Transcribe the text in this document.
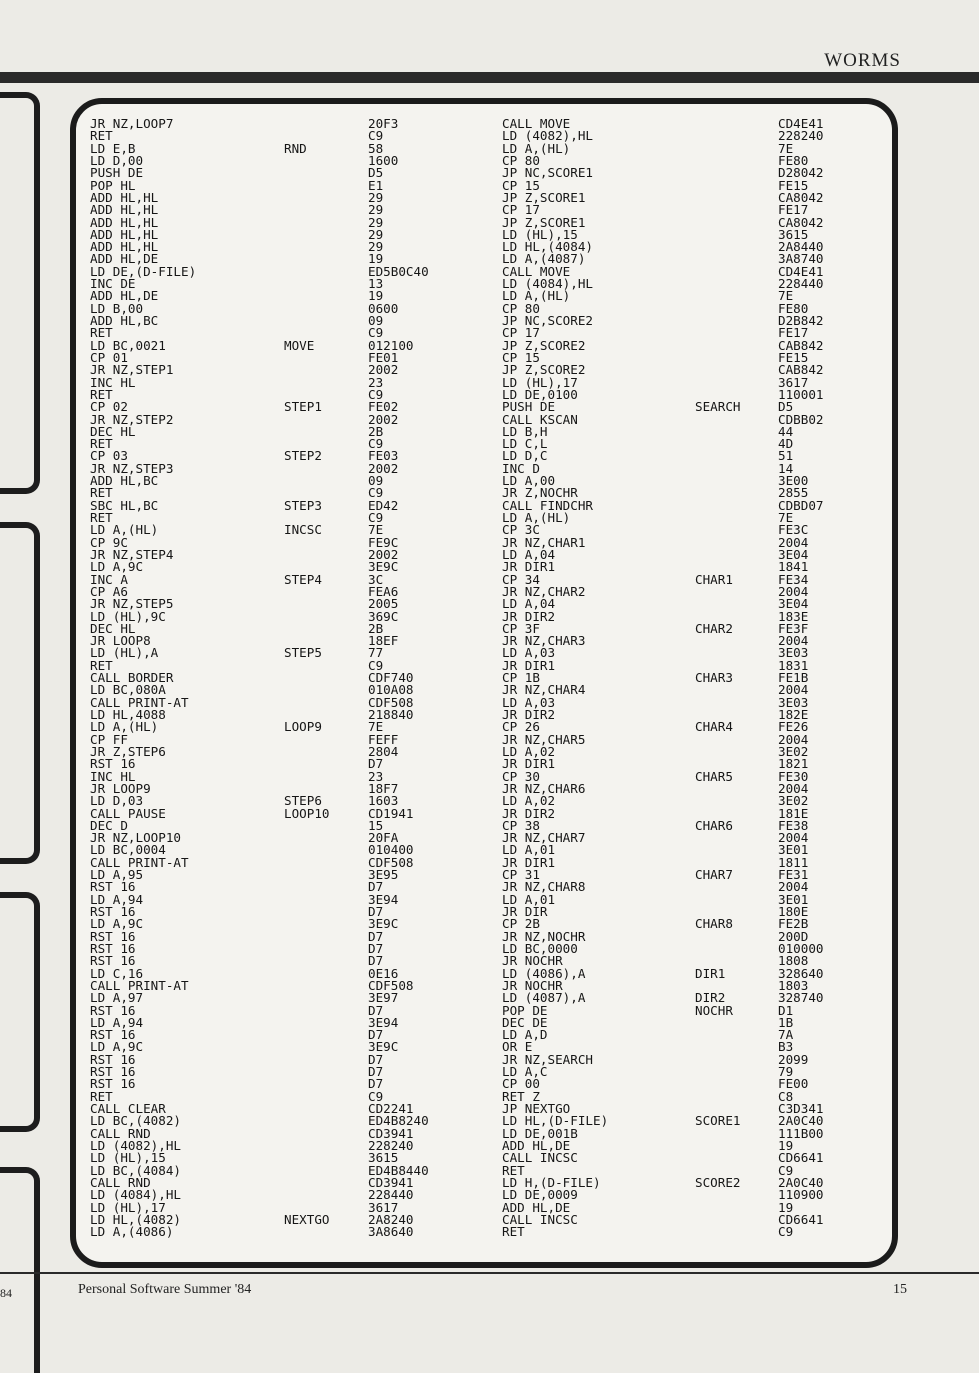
WORMS
JR NZ,LOOP7
RET
LD E,B
LD D,00
PUSH DE
POP HL
ADD HL,HL
ADD HL,HL
ADD HL,HL
ADD HL,HL
ADD HL,HL
ADD HL,DE
LD DE,(D-FILE)
INC DE
ADD HL,DE
LD B,00
ADD HL,BC
RET
LD BC,0021
CP 01
JR NZ,STEP1
INC HL
RET
CP 02
JR NZ,STEP2
DEC HL
RET
CP 03
JR NZ,STEP3
ADD HL,BC
RET
SBC HL,BC
RET
LD A,(HL)
CP 9C
JR NZ,STEP4
LD A,9C
INC A
CP A6
JR NZ,STEP5
LD (HL),9C
DEC HL
JR LOOP8
LD (HL),A
RET
CALL BORDER
LD BC,080A
CALL PRINT-AT
LD HL,4088
LD A,(HL)
CP FF
JR Z,STEP6
RST 16
INC HL
JR LOOP9
LD D,03
CALL PAUSE
DEC D
JR NZ,LOOP10
LD BC,0004
CALL PRINT-AT
LD A,95
RST 16
LD A,94
RST 16
LD A,9C
RST 16
RST 16
RST 16
LD C,16
CALL PRINT-AT
LD A,97
RST 16
LD A,94
RST 16
LD A,9C
RST 16
RST 16
RST 16
RET
CALL CLEAR
LD BC,(4082)
CALL RND
LD (4082),HL
LD (HL),15
LD BC,(4084)
CALL RND
LD (4084),HL
LD (HL),17
LD HL,(4082)
LD A,(4086)
RND
MOVE
STEP1
STEP2
STEP3
INCSC
STEP4
STEP5
LOOP9
STEP6
LOOP10
NEXTGO
20F3
C9
58
1600
D5
E1
29
29
29
29
29
19
ED5B0C40
13
19
0600
09
C9
012100
FE01
2002
23
C9
FE02
2002
2B
C9
FE03
2002
09
C9
ED42
C9
7E
FE9C
2002
3E9C
3C
FEA6
2005
369C
2B
18EF
77
C9
CDF740
010A08
CDF508
218840
7E
FEFF
2804
D7
23
18F7
1603
CD1941
15
20FA
010400
CDF508
3E95
D7
3E94
D7
3E9C
D7
D7
D7
0E16
CDF508
3E97
D7
3E94
D7
3E9C
D7
D7
D7
C9
CD2241
ED4B8240
CD3941
228240
3615
ED4B8440
CD3941
228440
3617
2A8240
3A8640
CALL MOVE
LD (4082),HL
LD A,(HL)
CP 80
JP NC,SCORE1
CP 15
JP Z,SCORE1
CP 17
JP Z,SCORE1
LD (HL),15
LD HL,(4084)
LD A,(4087)
CALL MOVE
LD (4084),HL
LD A,(HL)
CP 80
JP NC,SCORE2
CP 17
JP Z,SCORE2
CP 15
JP Z,SCORE2
LD (HL),17
LD DE,0100
PUSH DE
CALL KSCAN
LD B,H
LD C,L
LD D,C
INC D
LD A,00
JR Z,NOCHR
CALL FINDCHR
LD A,(HL)
CP 3C
JR NZ,CHAR1
LD A,04
JR DIR1
CP 34
JR NZ,CHAR2
LD A,04
JR DIR2
CP 3F
JR NZ,CHAR3
LD A,03
JR DIR1
CP 1B
JR NZ,CHAR4
LD A,03
JR DIR2
CP 26
JR NZ,CHAR5
LD A,02
JR DIR1
CP 30
JR NZ,CHAR6
LD A,02
JR DIR2
CP 38
JR NZ,CHAR7
LD A,01
JR DIR1
CP 31
JR NZ,CHAR8
LD A,01
JR DIR
CP 2B
JR NZ,NOCHR
LD BC,0000
JR NOCHR
LD (4086),A
JR NOCHR
LD (4087),A
POP DE
DEC DE
LD A,D
OR E
JR NZ,SEARCH
LD A,C
CP 00
RET Z
JP NEXTGO
LD HL,(D-FILE)
LD DE,001B
ADD HL,DE
CALL INCSC
RET
LD H,(D-FILE)
LD DE,0009
ADD HL,DE
CALL INCSC
RET
SEARCH
CHAR1
CHAR2
CHAR3
CHAR4
CHAR5
CHAR6
CHAR7
CHAR8
DIR1
DIR2
NOCHR
SCORE1
SCORE2
CD4E41
228240
7E
FE80
D28042
FE15
CA8042
FE17
CA8042
3615
2A8440
3A8740
CD4E41
228440
7E
FE80
D2B842
FE17
CAB842
FE15
CAB842
3617
110001
D5
CDBB02
44
4D
51
14
3E00
2855
CDBD07
7E
FE3C
2004
3E04
1841
FE34
2004
3E04
183E
FE3F
2004
3E03
1831
FE1B
2004
3E03
182E
FE26
2004
3E02
1821
FE30
2004
3E02
181E
FE38
2004
3E01
1811
FE31
2004
3E01
180E
FE2B
200D
010000
1808
328640
1803
328740
D1
1B
7A
B3
2099
79
FE00
C8
C3D341
2A0C40
111B00
19
CD6641
C9
2A0C40
110900
19
CD6641
C9
84	Personal Software Summer '84	15
